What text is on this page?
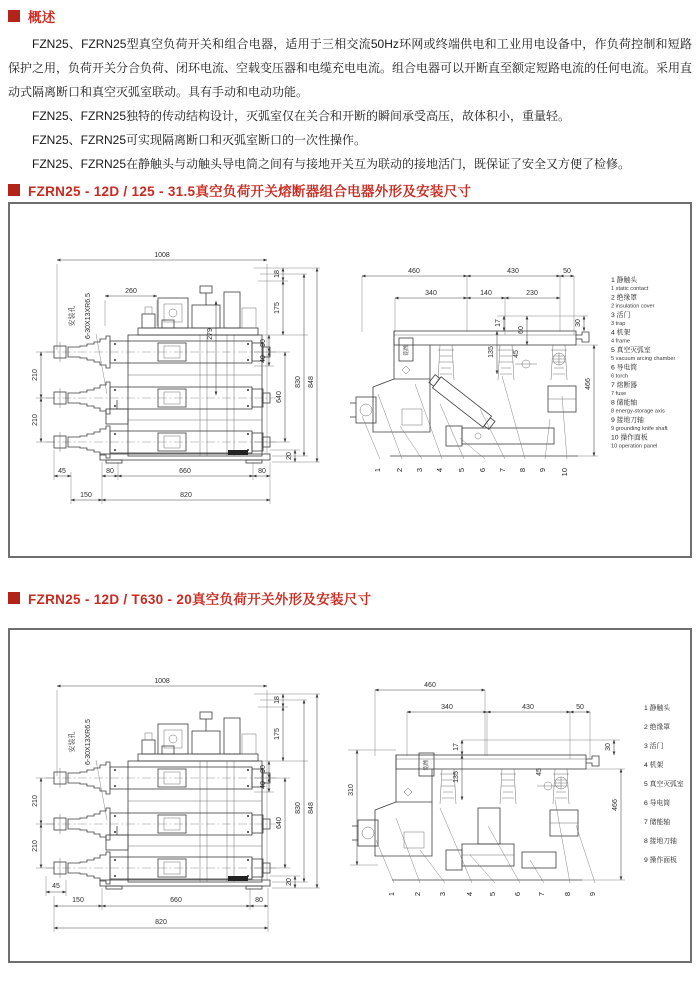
概述

FZN25、FZRN25型真空负荷开关和组合电器，适用于三相交流50Hz环网或终端供电和工业用电设备中，作负荷控制和短路保护之用，负荷开关分合负荷、闭环电流、空载变压器和电缆充电电流。组合电器可以开断直至额定短路电流的任何电流。采用直动式隔离断口和真空灭弧室联动。具有手动和电动功能。

FZN25、FZRN25独特的传动结构设计，灭弧室仅在关合和开断的瞬间承受高压，故体积小，重量轻。

FZN25、FZRN25可实现隔离断口和灭弧室断口的一次性操作。

FZN25、FZRN25在静触头与动触头导电筒之间有与接地开关互为联动的接地活门，既保证了安全又方便了检修。

FZRN25 - 12D / 125 - 31.5真空负荷开关熔断器组合电器外形及安装尺寸
1008
260
安装孔 6-30X13XR6.5	279
18
175
90
40
640
20
830 848
210
210
45	80	660	80
150	820
铭牌
460	430	50
340	140	230
17
135
60
45
30
466
1 2 3 4 5 6 7 8 9 10
1 静触头
1 static contact
2 绝缘罩
2 insulation cover
3 活门
3 trap
4 机架
4 frame
5 真空灭弧室
5 vacuum arcing chamber
6 导电筒
6 torch
7 熔断器
7 fuse
8 储能轴
8 energy-storage axis
9 接地刀轴
9 grounding knife shaft
10 操作面板
10 operation panel
FZRN25 - 12D / T630 - 20真空负荷开关外形及安装尺寸
1008
安装孔 6-30X13XR6.5
18
175
90
40
640
20
830 848
210
210
45
150	660	80
820
铭牌
460
340	430	50
17
135	45
30
310
466
1 2 3 4 5 6 7 8 9
1 静触头
2 绝缘罩
3 活门
4 机架
5 真空灭弧室
6 导电筒
7 储能轴
8 接地刀轴
9 操作面板
